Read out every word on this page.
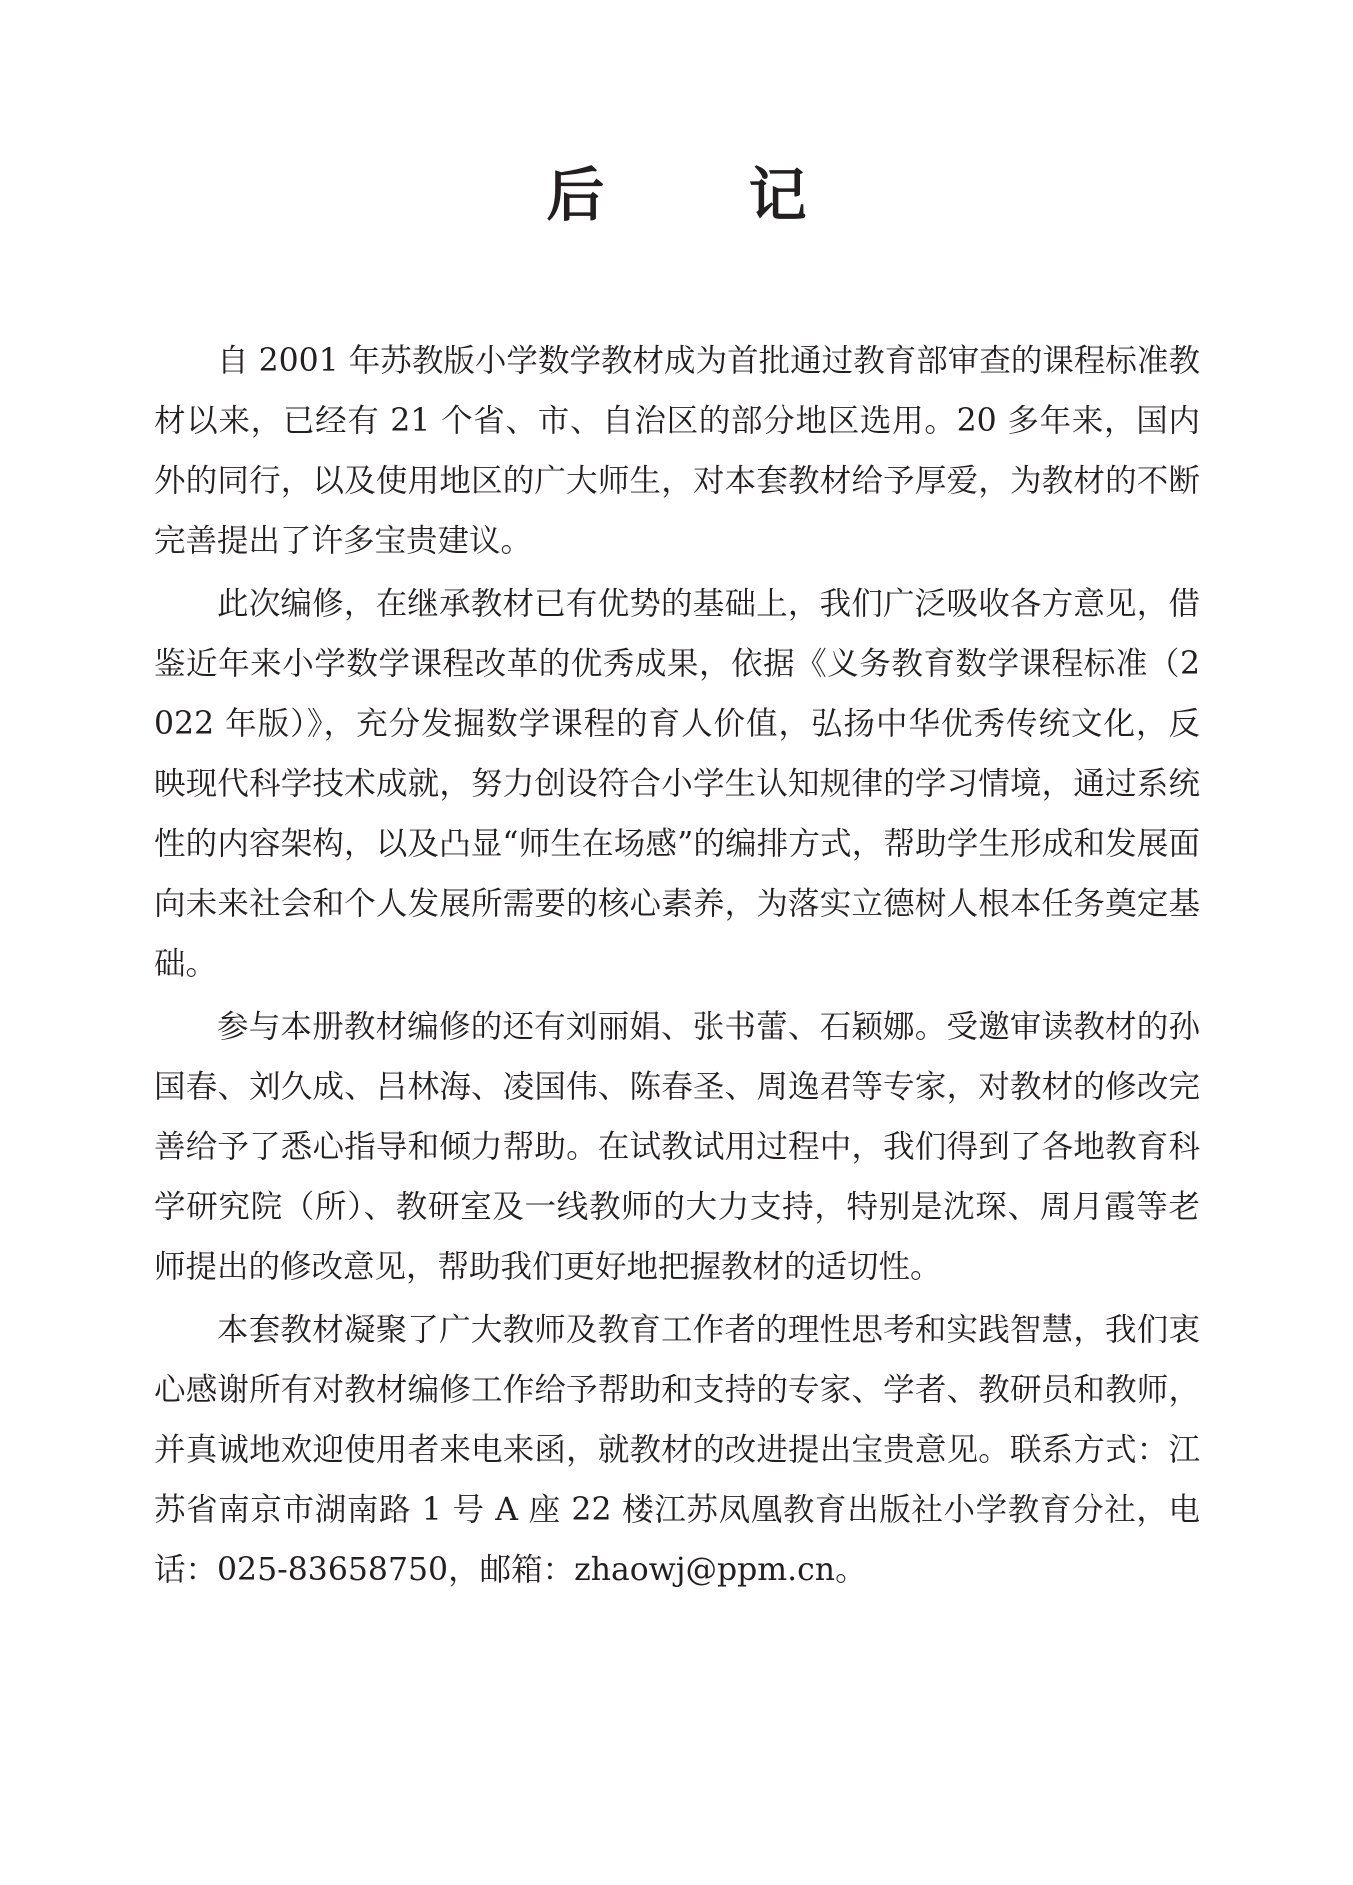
后 记

自 2001 年苏教版小学数学教材成为首批通过教育部审查的课程标准教材以来，已经有 21 个省、市、自治区的部分地区选用。20 多年来，国内外的同行，以及使用地区的广大师生，对本套教材给予厚爱，为教材的不断完善提出了许多宝贵建议。

此次编修，在继承教材已有优势的基础上，我们广泛吸收各方意见，借鉴近年来小学数学课程改革的优秀成果，依据《义务教育数学课程标准（2022 年版）》，充分发掘数学课程的育人价值，弘扬中华优秀传统文化，反映现代科学技术成就，努力创设符合小学生认知规律的学习情境，通过系统性的内容架构，以及凸显“师生在场感”的编排方式，帮助学生形成和发展面向未来社会和个人发展所需要的核心素养，为落实立德树人根本任务奠定基础。

参与本册教材编修的还有刘丽娟、张书蕾、石颖娜。受邀审读教材的孙国春、刘久成、吕林海、凌国伟、陈春圣、周逸君等专家，对教材的修改完善给予了悉心指导和倾力帮助。在试教试用过程中，我们得到了各地教育科学研究院（所）、教研室及一线教师的大力支持，特别是沈琛、周月霞等老师提出的修改意见，帮助我们更好地把握教材的适切性。

本套教材凝聚了广大教师及教育工作者的理性思考和实践智慧，我们衷心感谢所有对教材编修工作给予帮助和支持的专家、学者、教研员和教师，并真诚地欢迎使用者来电来函，就教材的改进提出宝贵意见。联系方式：江苏省南京市湖南路 1 号 A 座 22 楼江苏凤凰教育出版社小学教育分社，电话：025-83658750，邮箱：zhaowj@ppm.cn。
